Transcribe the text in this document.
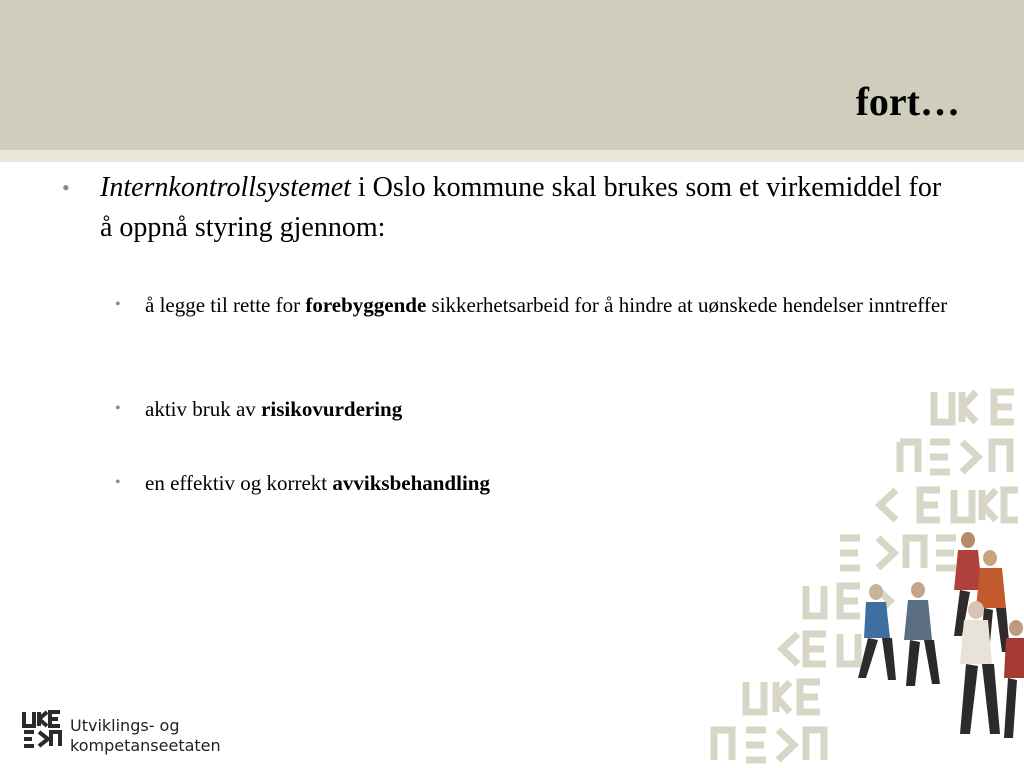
fort…
• Internkontrollsystemet i Oslo kommune skal brukes som et virkemiddel for å oppnå styring gjennom:
• å legge til rette for forebyggende sikkerhetsarbeid for å hindre at uønskede hendelser inntreffer
• aktiv bruk av risikovurdering
• en effektiv og korrekt avviksbehandling
Utviklings- og
kompetanseetaten
